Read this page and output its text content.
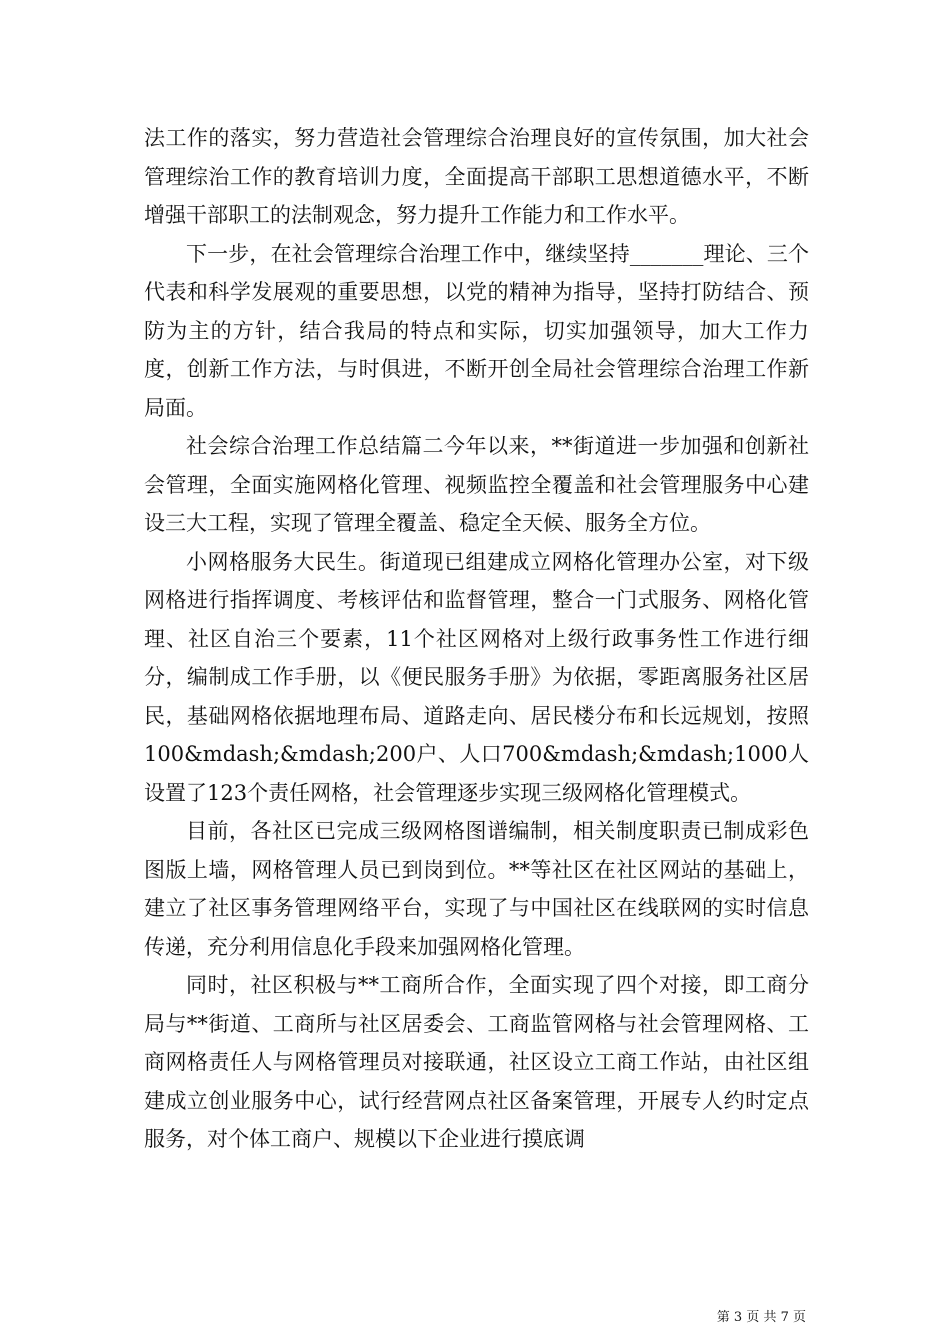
法工作的落实，努力营造社会管理综合治理良好的宣传氛围，加大社会管理综治工作的教育培训力度，全面提高干部职工思想道德水平，不断增强干部职工的法制观念，努力提升工作能力和工作水平。

下一步，在社会管理综合治理工作中，继续坚持_______理论、三个代表和科学发展观的重要思想，以党的精神为指导，坚持打防结合、预防为主的方针，结合我局的特点和实际，切实加强领导，加大工作力度，创新工作方法，与时俱进，不断开创全局社会管理综合治理工作新局面。

社会综合治理工作总结篇二今年以来，**街道进一步加强和创新社会管理，全面实施网格化管理、视频监控全覆盖和社会管理服务中心建设三大工程，实现了管理全覆盖、稳定全天候、服务全方位。

小网格服务大民生。街道现已组建成立网格化管理办公室，对下级网格进行指挥调度、考核评估和监督管理，整合一门式服务、网格化管理、社区自治三个要素，11个社区网格对上级行政事务性工作进行细分，编制成工作手册，以《便民服务手册》为依据，零距离服务社区居民，基础网格依据地理布局、道路走向、居民楼分布和长远规划，按照100&mdash;&mdash;200户、人口700&mdash;&mdash;1000人设置了123个责任网格，社会管理逐步实现三级网格化管理模式。

目前，各社区已完成三级网格图谱编制，相关制度职责已制成彩色图版上墙，网格管理人员已到岗到位。**等社区在社区网站的基础上，建立了社区事务管理网络平台，实现了与中国社区在线联网的实时信息传递，充分利用信息化手段来加强网格化管理。

同时，社区积极与**工商所合作，全面实现了四个对接，即工商分局与**街道、工商所与社区居委会、工商监管网格与社会管理网格、工商网格责任人与网格管理员对接联通，社区设立工商工作站，由社区组建成立创业服务中心，试行经营网点社区备案管理，开展专人约时定点服务，对个体工商户、规模以下企业进行摸底调

第 3 页 共 7 页
